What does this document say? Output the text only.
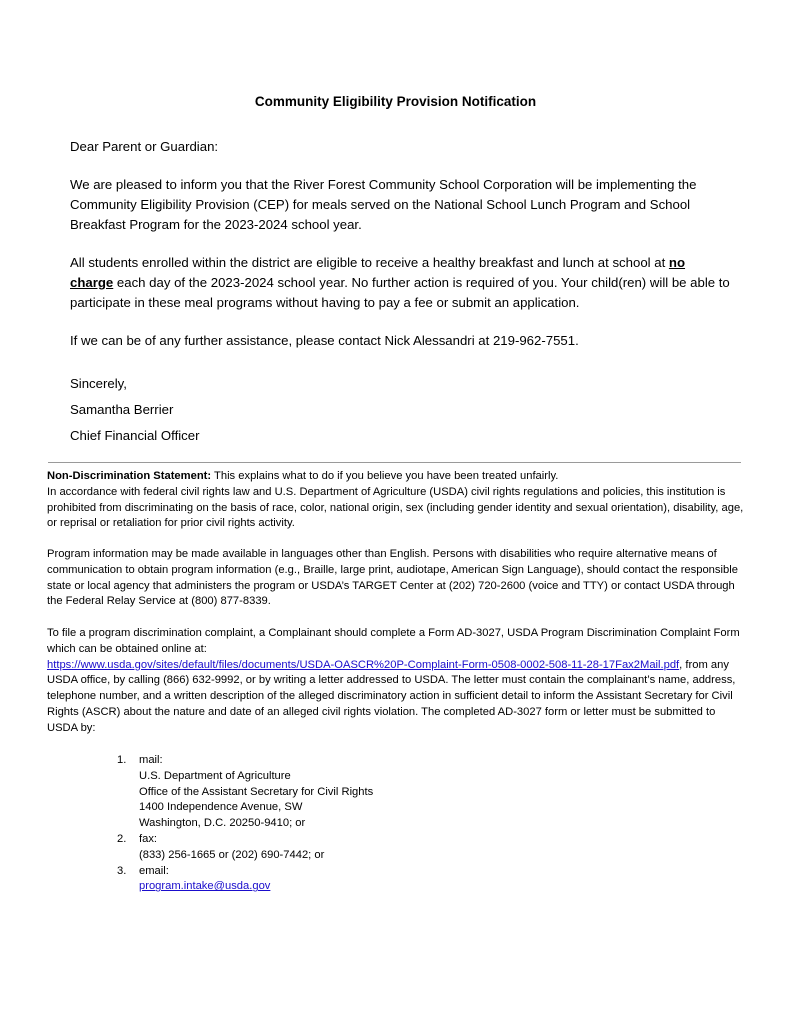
Community Eligibility Provision Notification

Dear Parent or Guardian:

We are pleased to inform you that the River Forest Community School Corporation will be implementing the Community Eligibility Provision (CEP) for meals served on the National School Lunch Program and School Breakfast Program for the 2023-2024 school year.

All students enrolled within the district are eligible to receive a healthy breakfast and lunch at school at no charge each day of the 2023-2024 school year. No further action is required of you. Your child(ren) will be able to participate in these meal programs without having to pay a fee or submit an application.

If we can be of any further assistance, please contact Nick Alessandri at 219-962-7551.

Sincerely,

Samantha Berrier

Chief Financial Officer

Non-Discrimination Statement: This explains what to do if you believe you have been treated unfairly.

In accordance with federal civil rights law and U.S. Department of Agriculture (USDA) civil rights regulations and policies, this institution is prohibited from discriminating on the basis of race, color, national origin, sex (including gender identity and sexual orientation), disability, age, or reprisal or retaliation for prior civil rights activity.

Program information may be made available in languages other than English. Persons with disabilities who require alternative means of communication to obtain program information (e.g., Braille, large print, audiotape, American Sign Language), should contact the responsible state or local agency that administers the program or USDA’s TARGET Center at (202) 720-2600 (voice and TTY) or contact USDA through the Federal Relay Service at (800) 877-8339.

To file a program discrimination complaint, a Complainant should complete a Form AD-3027, USDA Program Discrimination Complaint Form which can be obtained online at:
https://www.usda.gov/sites/default/files/documents/USDA-OASCR%20P-Complaint-Form-0508-0002-508-11-28-17Fax2Mail.pdf, from any USDA office, by calling (866) 632-9992, or by writing a letter addressed to USDA. The letter must contain the complainant’s name, address, telephone number, and a written description of the alleged discriminatory action in sufficient detail to inform the Assistant Secretary for Civil Rights (ASCR) about the nature and date of an alleged civil rights violation. The completed AD-3027 form or letter must be submitted to USDA by:

1.	mail:
U.S. Department of Agriculture
Office of the Assistant Secretary for Civil Rights
1400 Independence Avenue, SW
Washington, D.C. 20250-9410; or
2.	fax:
(833) 256-1665 or (202) 690-7442; or
3.	email:
program.intake@usda.gov
